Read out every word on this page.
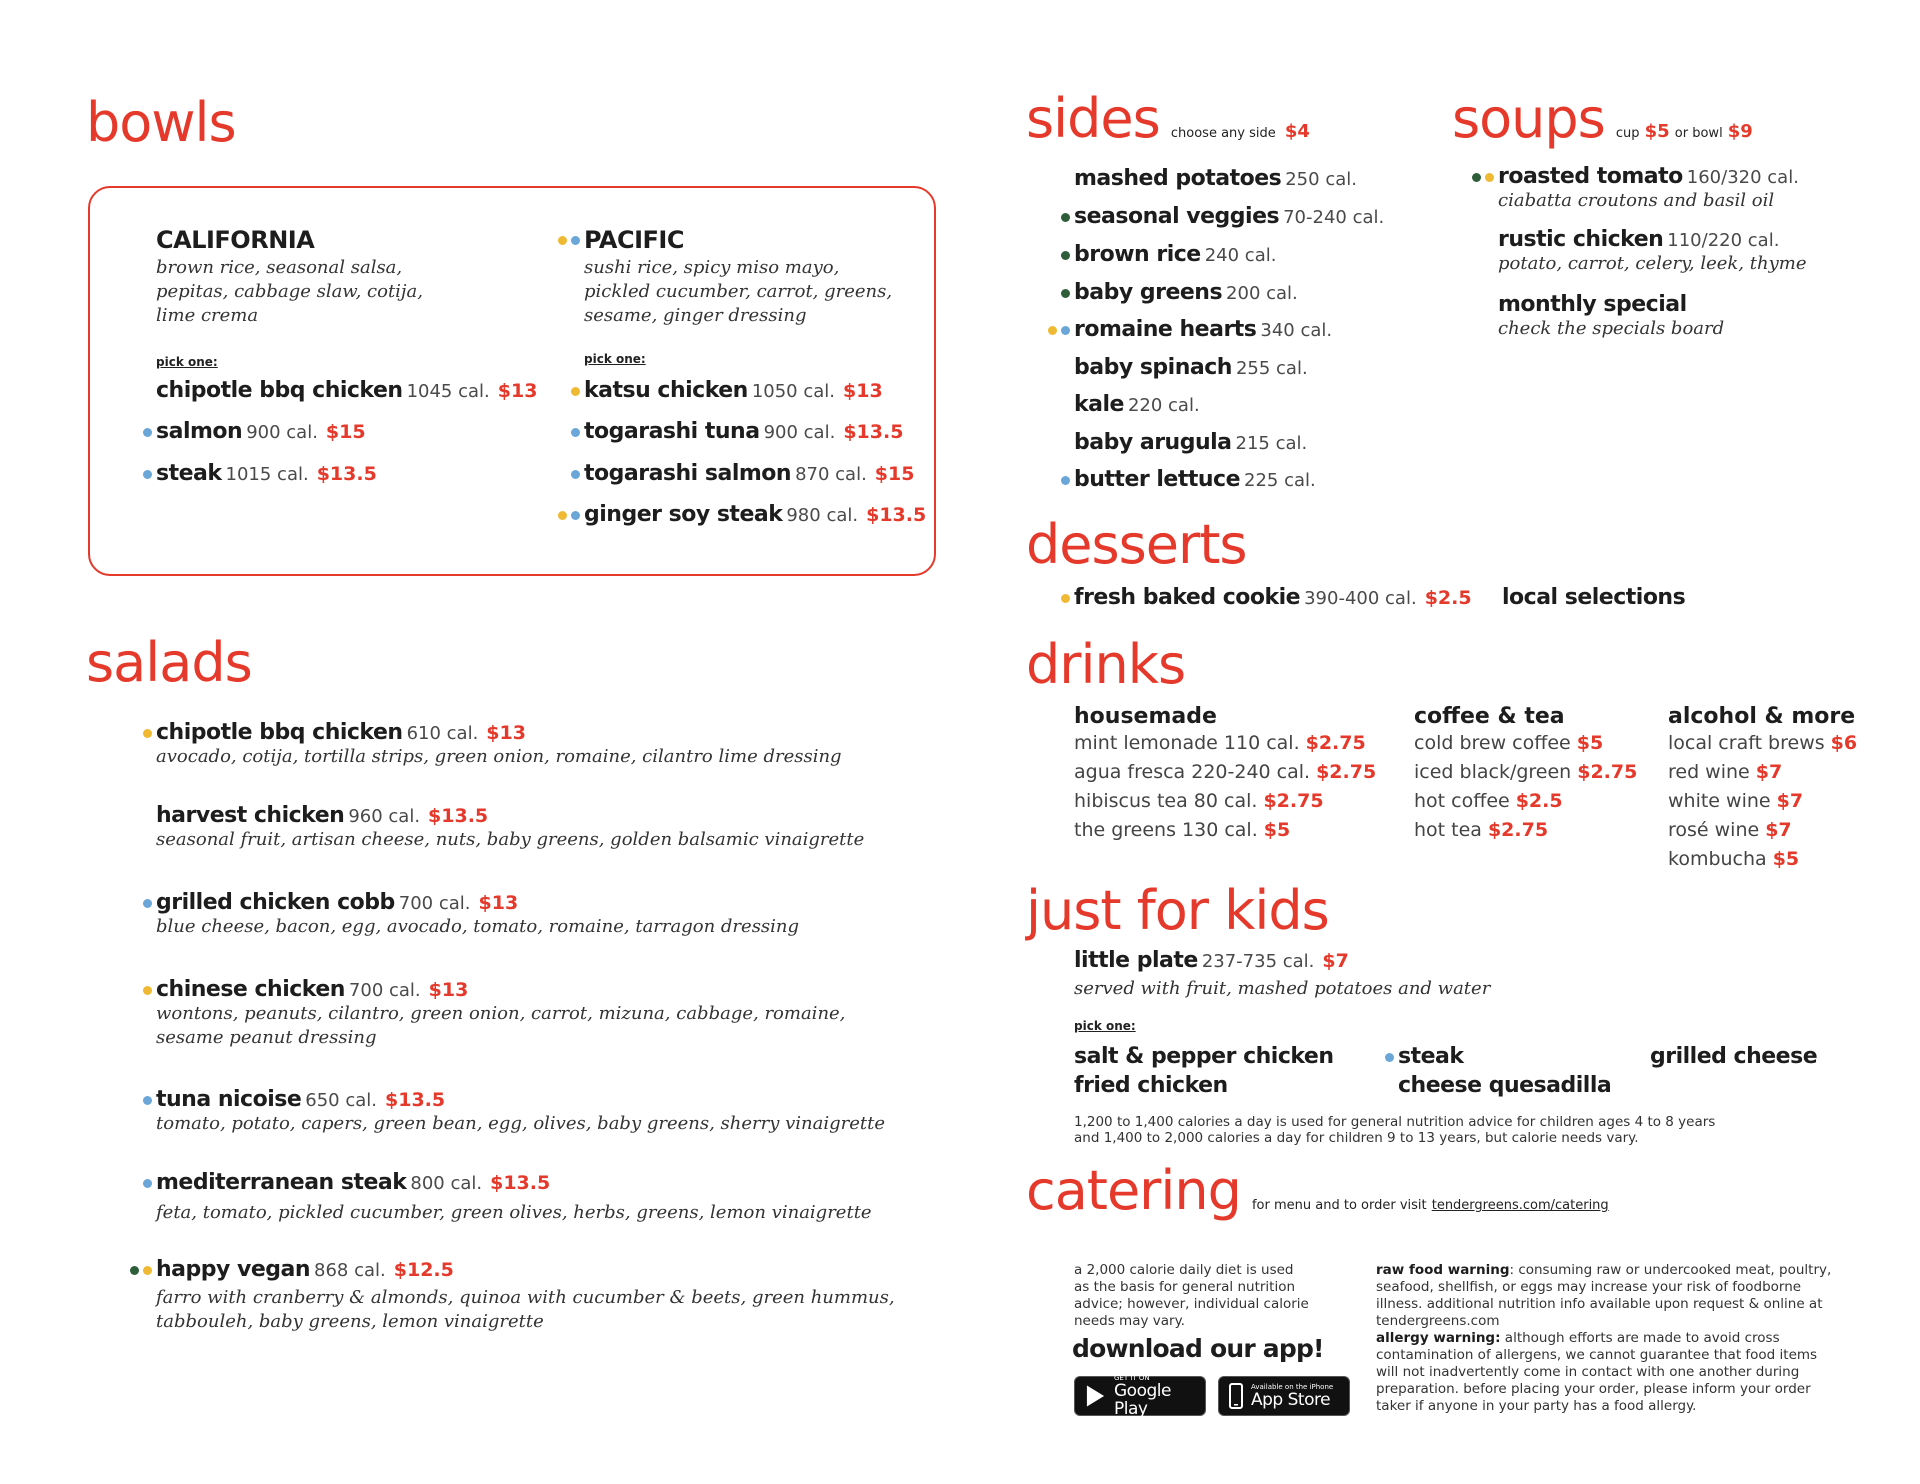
bowls
CALIFORNIA
brown rice, seasonal salsa,
pepitas, cabbage slaw, cotija,
lime crema
pick one:
chipotle bbq chicken 1045 cal. $13
salmon 900 cal. $15
steak 1015 cal. $13.5
PACIFIC
sushi rice, spicy miso mayo,
pickled cucumber, carrot, greens,
sesame, ginger dressing
pick one:
katsu chicken 1050 cal. $13
togarashi tuna 900 cal. $13.5
togarashi salmon 870 cal. $15
ginger soy steak 980 cal. $13.5
salads
chipotle bbq chicken 610 cal. $13
avocado, cotija, tortilla strips, green onion, romaine, cilantro lime dressing
harvest chicken 960 cal. $13.5
seasonal fruit, artisan cheese, nuts, baby greens, golden balsamic vinaigrette
grilled chicken cobb 700 cal. $13
blue cheese, bacon, egg, avocado, tomato, romaine, tarragon dressing
chinese chicken 700 cal. $13
wontons, peanuts, cilantro, green onion, carrot, mizuna, cabbage, romaine,
sesame peanut dressing
tuna nicoise 650 cal. $13.5
tomato, potato, capers, green bean, egg, olives, baby greens, sherry vinaigrette
mediterranean steak 800 cal. $13.5
feta, tomato, pickled cucumber, green olives, herbs, greens, lemon vinaigrette
happy vegan 868 cal. $12.5
farro with cranberry & almonds, quinoa with cucumber & beets, green hummus,
tabbouleh, baby greens, lemon vinaigrette
sides choose any side $4
mashed potatoes 250 cal.
seasonal veggies 70-240 cal.
brown rice 240 cal.
baby greens 200 cal.
romaine hearts 340 cal.
baby spinach 255 cal.
kale 220 cal.
baby arugula 215 cal.
butter lettuce 225 cal.
soups cup $5 or bowl $9
roasted tomato 160/320 cal.
ciabatta croutons and basil oil
rustic chicken 110/220 cal.
potato, carrot, celery, leek, thyme
monthly special
check the specials board
desserts
fresh baked cookie 390-400 cal. $2.5 local selections
drinks
housemade
mint lemonade 110 cal. $2.75
agua fresca 220-240 cal. $2.75
hibiscus tea 80 cal. $2.75
the greens 130 cal. $5
coffee & tea
cold brew coffee $5
iced black/green $2.75
hot coffee $2.5
hot tea $2.75
alcohol & more
local craft brews $6
red wine $7
white wine $7
rosé wine $7
kombucha $5
just for kids
little plate 237-735 cal. $7
served with fruit, mashed potatoes and water
pick one:
salt & pepper chicken
fried chicken
steak
cheese quesadilla
grilled cheese
1,200 to 1,400 calories a day is used for general nutrition advice for children ages 4 to 8 years
and 1,400 to 2,000 calories a day for children 9 to 13 years, but calorie needs vary.
catering for menu and to order visit tendergreens.com/catering
a 2,000 calorie daily diet is used
as the basis for general nutrition
advice; however, individual calorie
needs may vary.
download our app!
GET IT ON
Google Play
Available on the iPhone
App Store
raw food warning: consuming raw or undercooked meat, poultry,
seafood, shellfish, or eggs may increase your risk of foodborne
illness. additional nutrition info available upon request & online at
tendergreens.com
allergy warning: although efforts are made to avoid cross
contamination of allergens, we cannot guarantee that food items
will not inadvertently come in contact with one another during
preparation. before placing your order, please inform your order
taker if anyone in your party has a food allergy.
